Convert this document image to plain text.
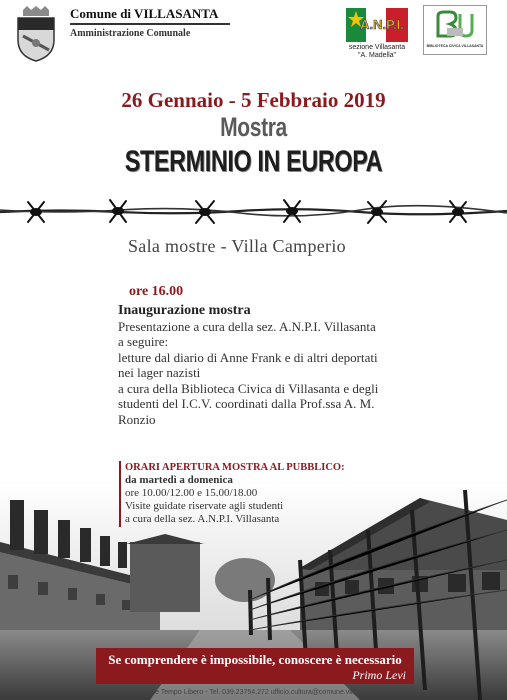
Comune di VILLASANTA
Amministrazione Comunale
A.N.P.I.
sezione Villasanta
"A. Madella"
BIBLIOTECA CIVICA VILLASANTA
26 Gennaio - 5 Febbraio 2019
Mostra
STERMINIO IN EUROPA
Sala mostre - Villa Camperio
ore 16.00
Inaugurazione mostra
Presentazione a cura della sez. A.N.P.I. Villasanta
a seguire:
letture dal diario di Anne Frank e di altri deportati
nei lager nazisti
a cura della Biblioteca Civica di Villasanta e degli
studenti del I.C.V. coordinati dalla Prof.ssa A. M.
Ronzio
ORARI APERTURA MOSTRA AL PUBBLICO:
da martedì a domenica
ore 10.00/12.00 e 15.00/18.00
Visite guidate riservate agli studenti
a cura della sez. A.N.P.I. Villasanta
Se comprendere è impossibile, conoscere è necessario
Primo Levi
Info: Cultura e Tempo Libero - Tel. 039.23754.272 ufficio.cultura@comune.villasanta.mb.it
